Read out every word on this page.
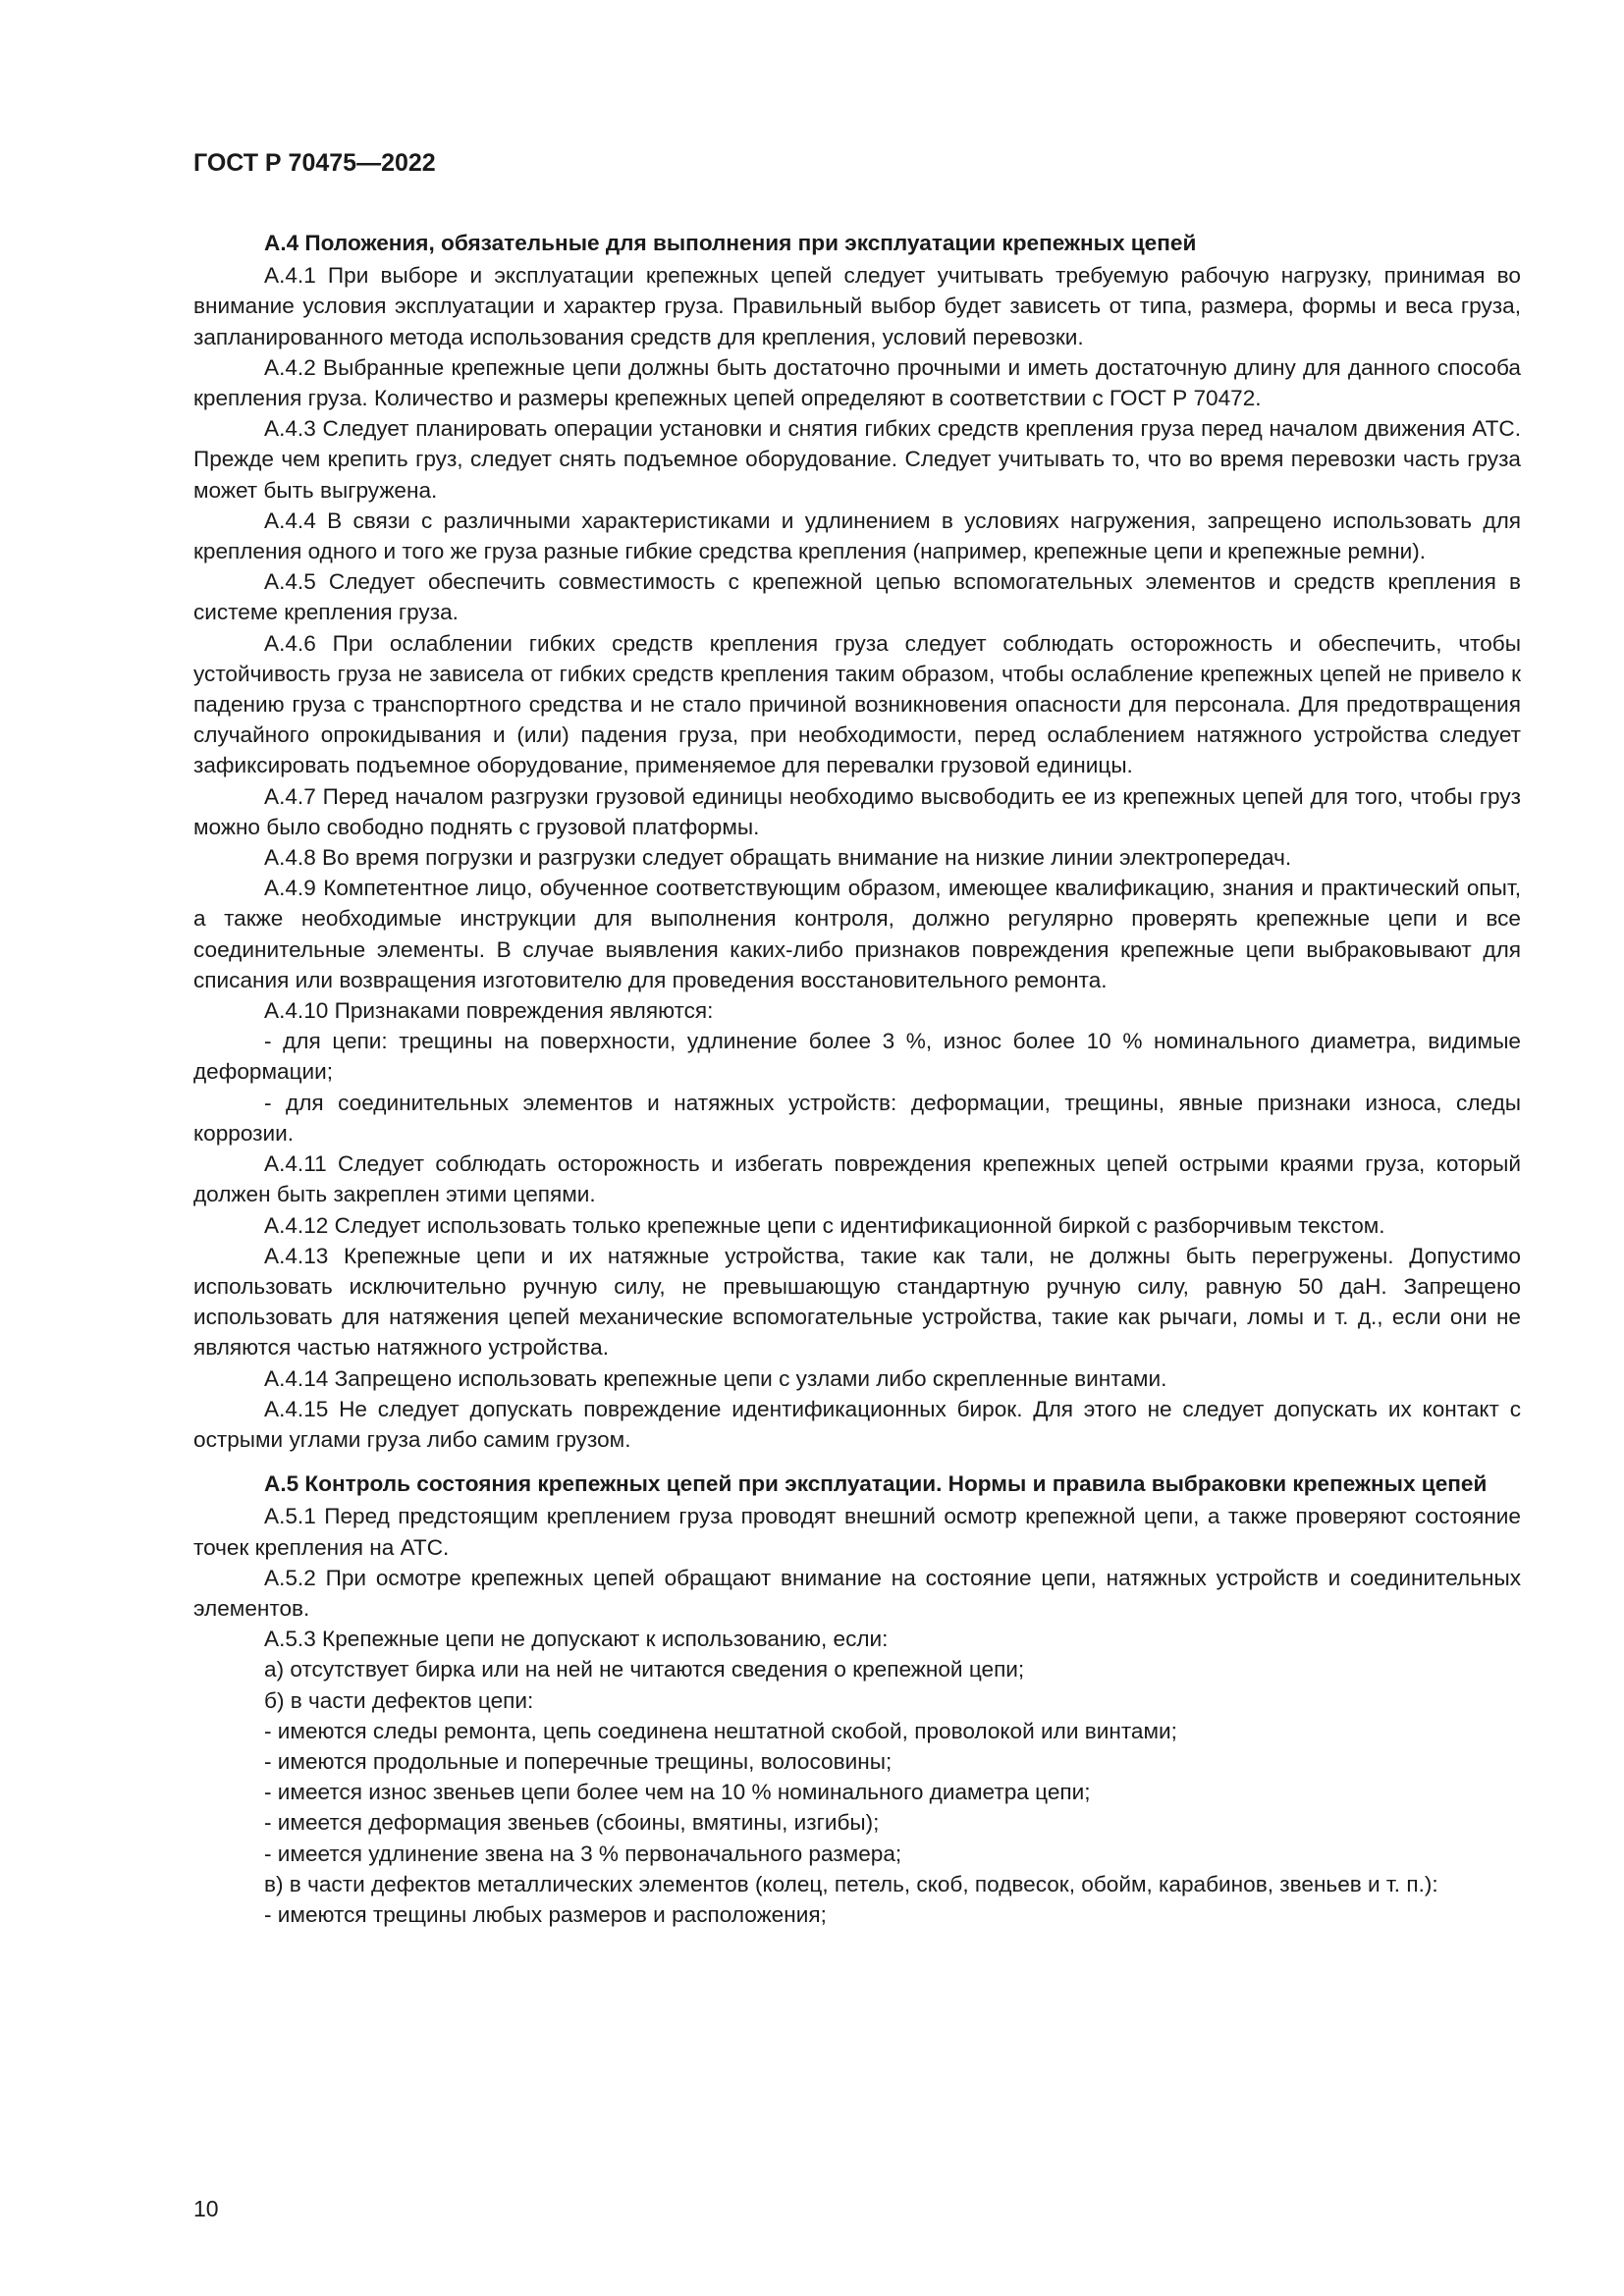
ГОСТ Р 70475—2022
А.4 Положения, обязательные для выполнения при эксплуатации крепежных цепей

А.4.1 При выборе и эксплуатации крепежных цепей следует учитывать требуемую рабочую нагрузку, принимая во внимание условия эксплуатации и характер груза. Правильный выбор будет зависеть от типа, размера, формы и веса груза, запланированного метода использования средств для крепления, условий перевозки.

А.4.2 Выбранные крепежные цепи должны быть достаточно прочными и иметь достаточную длину для данного способа крепления груза. Количество и размеры крепежных цепей определяют в соответствии с ГОСТ Р 70472.

А.4.3 Следует планировать операции установки и снятия гибких средств крепления груза перед началом движения АТС. Прежде чем крепить груз, следует снять подъемное оборудование. Следует учитывать то, что во время перевозки часть груза может быть выгружена.

А.4.4 В связи с различными характеристиками и удлинением в условиях нагружения, запрещено использовать для крепления одного и того же груза разные гибкие средства крепления (например, крепежные цепи и крепежные ремни).

А.4.5 Следует обеспечить совместимость с крепежной цепью вспомогательных элементов и средств крепления в системе крепления груза.

А.4.6 При ослаблении гибких средств крепления груза следует соблюдать осторожность и обеспечить, чтобы устойчивость груза не зависела от гибких средств крепления таким образом, чтобы ослабление крепежных цепей не привело к падению груза с транспортного средства и не стало причиной возникновения опасности для персонала. Для предотвращения случайного опрокидывания и (или) падения груза, при необходимости, перед ослаблением натяжного устройства следует зафиксировать подъемное оборудование, применяемое для перевалки грузовой единицы.

А.4.7 Перед началом разгрузки грузовой единицы необходимо высвободить ее из крепежных цепей для того, чтобы груз можно было свободно поднять с грузовой платформы.

А.4.8 Во время погрузки и разгрузки следует обращать внимание на низкие линии электропередач.

А.4.9 Компетентное лицо, обученное соответствующим образом, имеющее квалификацию, знания и практический опыт, а также необходимые инструкции для выполнения контроля, должно регулярно проверять крепежные цепи и все соединительные элементы. В случае выявления каких-либо признаков повреждения крепежные цепи выбраковывают для списания или возвращения изготовителю для проведения восстановительного ремонта.

А.4.10 Признаками повреждения являются:

- для цепи: трещины на поверхности, удлинение более 3 %, износ более 10 % номинального диаметра, видимые деформации;

- для соединительных элементов и натяжных устройств: деформации, трещины, явные признаки износа, следы коррозии.

А.4.11 Следует соблюдать осторожность и избегать повреждения крепежных цепей острыми краями груза, который должен быть закреплен этими цепями.

А.4.12 Следует использовать только крепежные цепи с идентификационной биркой с разборчивым текстом.

А.4.13 Крепежные цепи и их натяжные устройства, такие как тали, не должны быть перегружены. Допустимо использовать исключительно ручную силу, не превышающую стандартную ручную силу, равную 50 даН. Запрещено использовать для натяжения цепей механические вспомогательные устройства, такие как рычаги, ломы и т. д., если они не являются частью натяжного устройства.

А.4.14 Запрещено использовать крепежные цепи с узлами либо скрепленные винтами.

А.4.15 Не следует допускать повреждение идентификационных бирок. Для этого не следует допускать их контакт с острыми углами груза либо самим грузом.

А.5 Контроль состояния крепежных цепей при эксплуатации. Нормы и правила выбраковки крепежных цепей

А.5.1 Перед предстоящим креплением груза проводят внешний осмотр крепежной цепи, а также проверяют состояние точек крепления на АТС.

А.5.2 При осмотре крепежных цепей обращают внимание на состояние цепи, натяжных устройств и соединительных элементов.

А.5.3 Крепежные цепи не допускают к использованию, если:

а) отсутствует бирка или на ней не читаются сведения о крепежной цепи;

б) в части дефектов цепи:

- имеются следы ремонта, цепь соединена нештатной скобой, проволокой или винтами;

- имеются продольные и поперечные трещины, волосовины;

- имеется износ звеньев цепи более чем на 10 % номинального диаметра цепи;

- имеется деформация звеньев (сбоины, вмятины, изгибы);

- имеется удлинение звена на 3 % первоначального размера;

в) в части дефектов металлических элементов (колец, петель, скоб, подвесок, обойм, карабинов, звеньев и т. п.):

- имеются трещины любых размеров и расположения;

10
